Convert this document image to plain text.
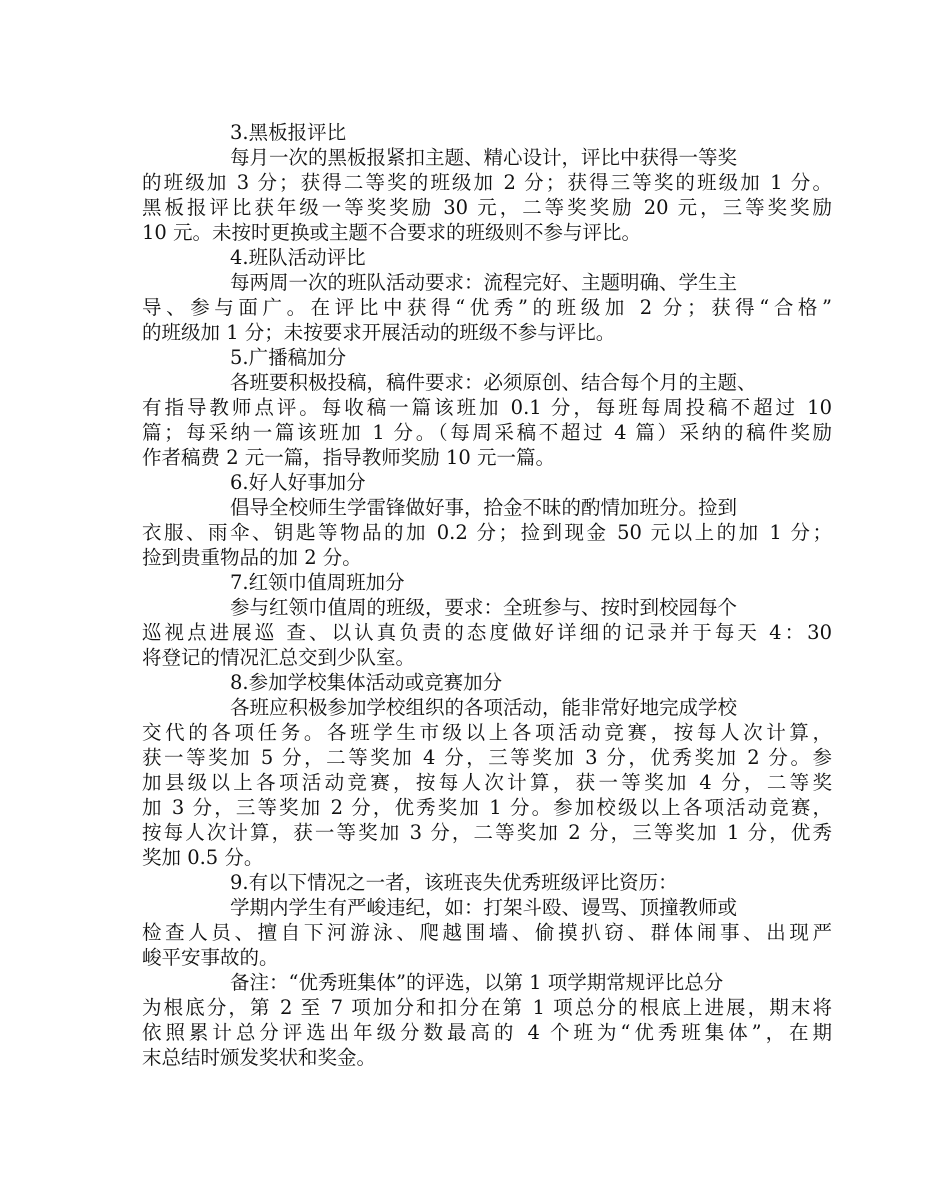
3.黑板报评比
每月一次的黑板报紧扣主题、精心设计，评比中获得一等奖
的班级加 3 分；获得二等奖的班级加 2 分；获得三等奖的班级加 1 分。
黑板报评比获年级一等奖奖励 30 元，二等奖奖励 20 元，三等奖奖励
10 元。未按时更换或主题不合要求的班级则不参与评比。
4.班队活动评比
每两周一次的班队活动要求：流程完好、主题明确、学生主
导、参与面广。在评比中获得“优秀”的班级加 2 分；获得“合格”
的班级加 1 分；未按要求开展活动的班级不参与评比。
5.广播稿加分
各班要积极投稿，稿件要求：必须原创、结合每个月的主题、
有指导教师点评。每收稿一篇该班加 0.1 分，每班每周投稿不超过 10
篇；每采纳一篇该班加 1 分。（每周采稿不超过 4 篇）采纳的稿件奖励
作者稿费 2 元一篇，指导教师奖励 10 元一篇。
6.好人好事加分
倡导全校师生学雷锋做好事，拾金不昧的酌情加班分。捡到
衣服、雨伞、钥匙等物品的加 0.2 分；捡到现金 50 元以上的加 1 分；
捡到贵重物品的加 2 分。
7.红领巾值周班加分
参与红领巾值周的班级，要求：全班参与、按时到校园每个
巡视点进展巡 查、以认真负责的态度做好详细的记录并于每天 4：30
将登记的情况汇总交到少队室。
8.参加学校集体活动或竞赛加分
各班应积极参加学校组织的各项活动，能非常好地完成学校
交代的各项任务。各班学生市级以上各项活动竞赛，按每人次计算，
获一等奖加 5 分，二等奖加 4 分，三等奖加 3 分，优秀奖加 2 分。参
加县级以上各项活动竞赛，按每人次计算，获一等奖加 4 分，二等奖
加 3 分，三等奖加 2 分，优秀奖加 1 分。参加校级以上各项活动竞赛，
按每人次计算，获一等奖加 3 分，二等奖加 2 分，三等奖加 1 分，优秀
奖加 0.5 分。
9.有以下情况之一者，该班丧失优秀班级评比资历：
学期内学生有严峻违纪，如：打架斗殴、谩骂、顶撞教师或
检查人员、擅自下河游泳、爬越围墙、偷摸扒窃、群体闹事、出现严
峻平安事故的。
备注：“优秀班集体”的评选，以第 1 项学期常规评比总分
为根底分，第 2 至 7 项加分和扣分在第 1 项总分的根底上进展，期末将
依照累计总分评选出年级分数最高的 4 个班为“优秀班集体”，在期
末总结时颁发奖状和奖金。
